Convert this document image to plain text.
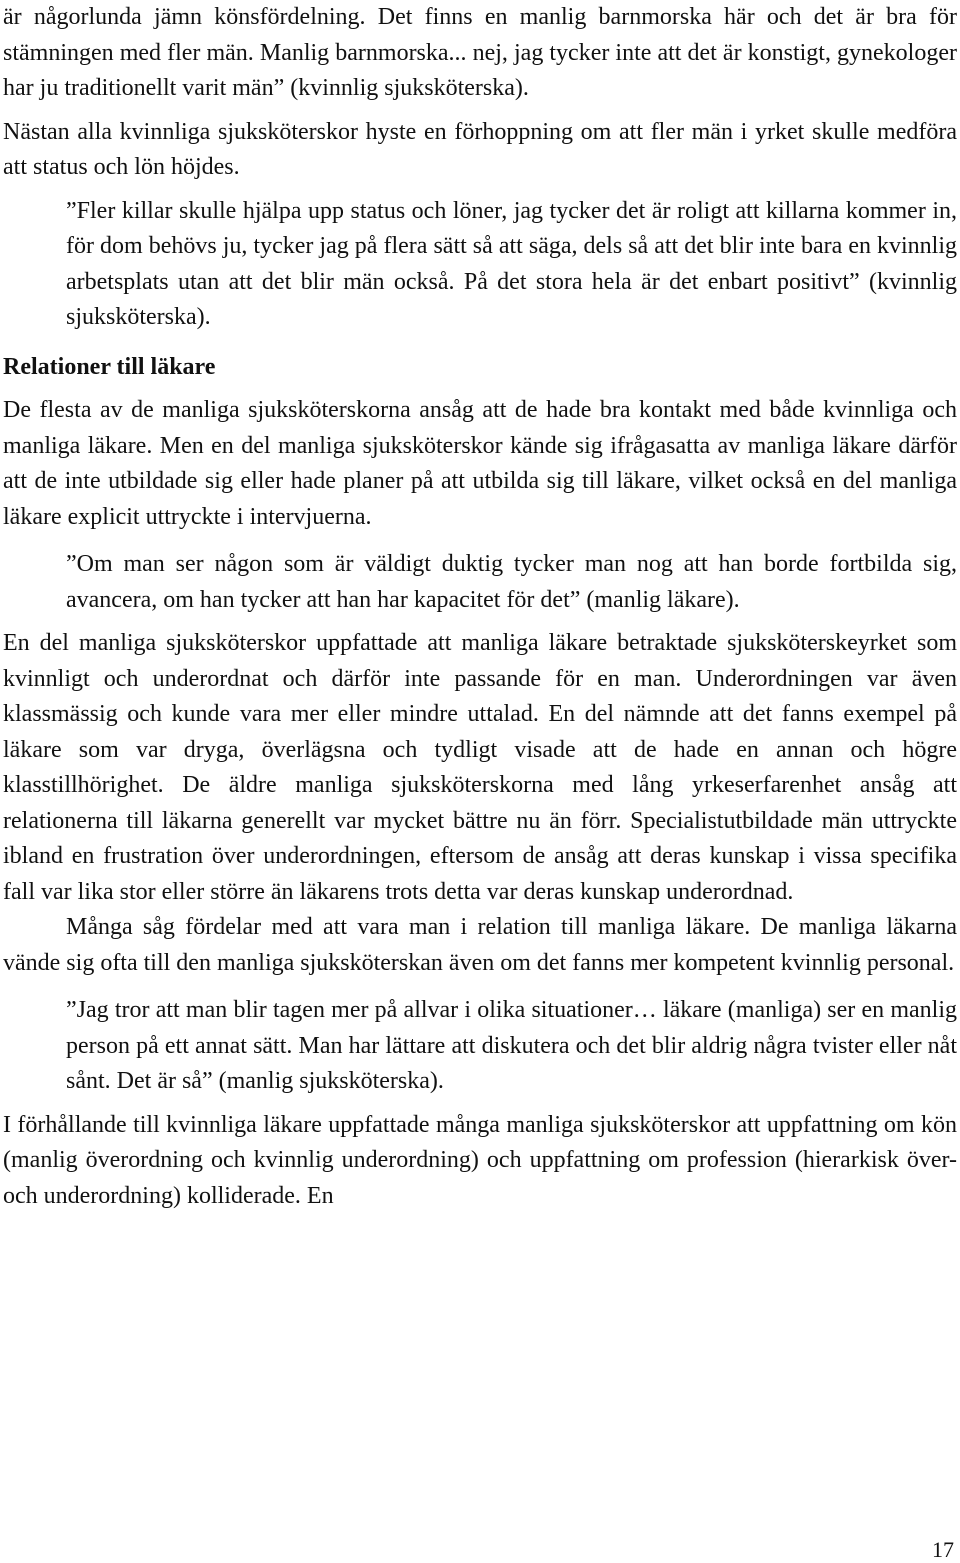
är någorlunda jämn könsfördelning. Det finns en manlig barnmorska här och det är bra för stämningen med fler män. Manlig barnmorska... nej, jag tycker inte att det är konstigt, gynekologer har ju traditionellt varit män” (kvinnlig sjuksköterska).

Nästan alla kvinnliga sjuksköterskor hyste en förhoppning om att fler män i yrket skulle medföra att status och lön höjdes.

”Fler killar skulle hjälpa upp status och löner, jag tycker det är roligt att killarna kommer in, för dom behövs ju, tycker jag på flera sätt så att säga, dels så att det blir inte bara en kvinnlig arbetsplats utan att det blir män också. På det stora hela är det enbart positivt” (kvinnlig sjuksköterska).

Relationer till läkare

De flesta av de manliga sjuksköterskorna ansåg att de hade bra kontakt med både kvinnliga och manliga läkare. Men en del manliga sjuksköterskor kände sig ifrågasatta av manliga läkare därför att de inte utbildade sig eller hade planer på att utbilda sig till läkare, vilket också en del manliga läkare explicit uttryckte i intervjuerna.

”Om man ser någon som är väldigt duktig tycker man nog att han borde fortbilda sig, avancera, om han tycker att han har kapacitet för det” (manlig läkare).

En del manliga sjuksköterskor uppfattade att manliga läkare betraktade sjuksköterskeyrket som kvinnligt och underordnat och därför inte passande för en man. Underordningen var även klassmässig och kunde vara mer eller mindre uttalad. En del nämnde att det fanns exempel på läkare som var dryga, överlägsna och tydligt visade att de hade en annan och högre klasstillhörighet. De äldre manliga sjuksköterskorna med lång yrkeserfarenhet ansåg att relationerna till läkarna generellt var mycket bättre nu än förr. Specialistutbildade män uttryckte ibland en frustration över underordningen, eftersom de ansåg att deras kunskap i vissa specifika fall var lika stor eller större än läkarens trots detta var deras kunskap underordnad.

Många såg fördelar med att vara man i relation till manliga läkare. De manliga läkarna vände sig ofta till den manliga sjuksköterskan även om det fanns mer kompetent kvinnlig personal.

”Jag tror att man blir tagen mer på allvar i olika situationer… läkare (manliga) ser en manlig person på ett annat sätt. Man har lättare att diskutera och det blir aldrig några tvister eller nåt sånt. Det är så” (manlig sjuksköterska).

I förhållande till kvinnliga läkare uppfattade många manliga sjuksköterskor att uppfattning om kön (manlig överordning och kvinnlig underordning) och uppfattning om profession (hierarkisk över- och underordning) kolliderade. En

17
